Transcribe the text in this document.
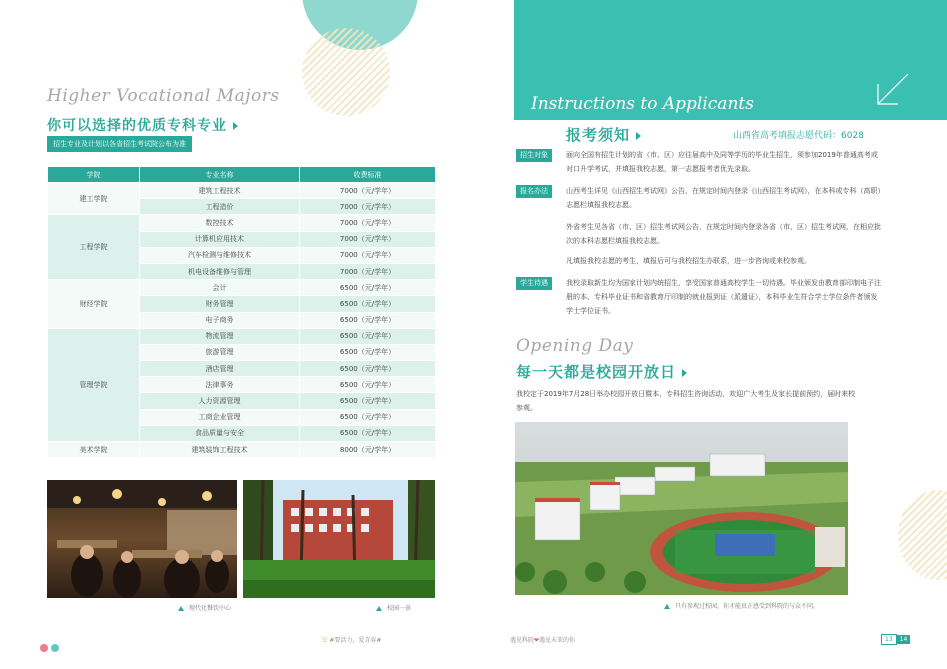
Higher Vocational Majors
你可以选择的优质专科专业
招生专业及计划以各省招生考试院公布为准
学院	专业名称	收费标准
建工学院	建筑工程技术	7000（元/学年）
	工程造价	7000（元/学年）
工程学院	数控技术	7000（元/学年）
	计算机应用技术	7000（元/学年）
	汽车检测与维修技术	7000（元/学年）
	机电设备维修与管理	7000（元/学年）
财经学院	会计	6500（元/学年）
	财务管理	6500（元/学年）
	电子商务	6500（元/学年）
管理学院	物流管理	6500（元/学年）
	旅游管理	6500（元/学年）
	酒店管理	6500（元/学年）
	法律事务	6500（元/学年）
	人力资源管理	6500（元/学年）
	工商企业管理	6500（元/学年）
	食品质量与安全	6500（元/学年）
美术学院	建筑装饰工程技术	8000（元/学年）
现代化餐饮中心	校园一景

☰ #要活力，爱青春#
Instructions to Applicants
报考须知	山西省高考填报志愿代码：6028
招生对象	面向全国有招生计划的省（市、区）应往届高中及同等学历的毕业生招生，须参加2019年普通高考或对口升学考试，并填报我校志愿，第一志愿报考者优先录取。
报名办法	山西考生详见《山西招生考试网》公告，在规定时间内登录《山西招生考试网》，在本科或专科（高职）志愿栏填报我校志愿。
外省考生见各省（市、区）招生考试网公告，在规定时间内登录各省（市、区）招生考试网，在相应批次的本科志愿栏填报我校志愿。
凡填报我校志愿的考生，填报后可与我校招生办联系，进一步咨询或来校参观。
学生待遇	我校录取新生均为国家计划内统招生，享受国家普通高校学生一切待遇。毕业颁发由教育部印制电子注册的本、专科毕业证书和省教育厅印制的就业报到证（派遣证），本科毕业生符合学士学位条件者颁发学士学位证书。
Opening Day
每一天都是校园开放日
我校定于2019年7月28日举办校园开放日暨本、专科招生咨询活动，欢迎广大考生及家长提前预约，届时来校参观。
只有参观过校园，你才能真正感受到科院的与众不同。
遇见科院❤遇见未来的你	13 14
